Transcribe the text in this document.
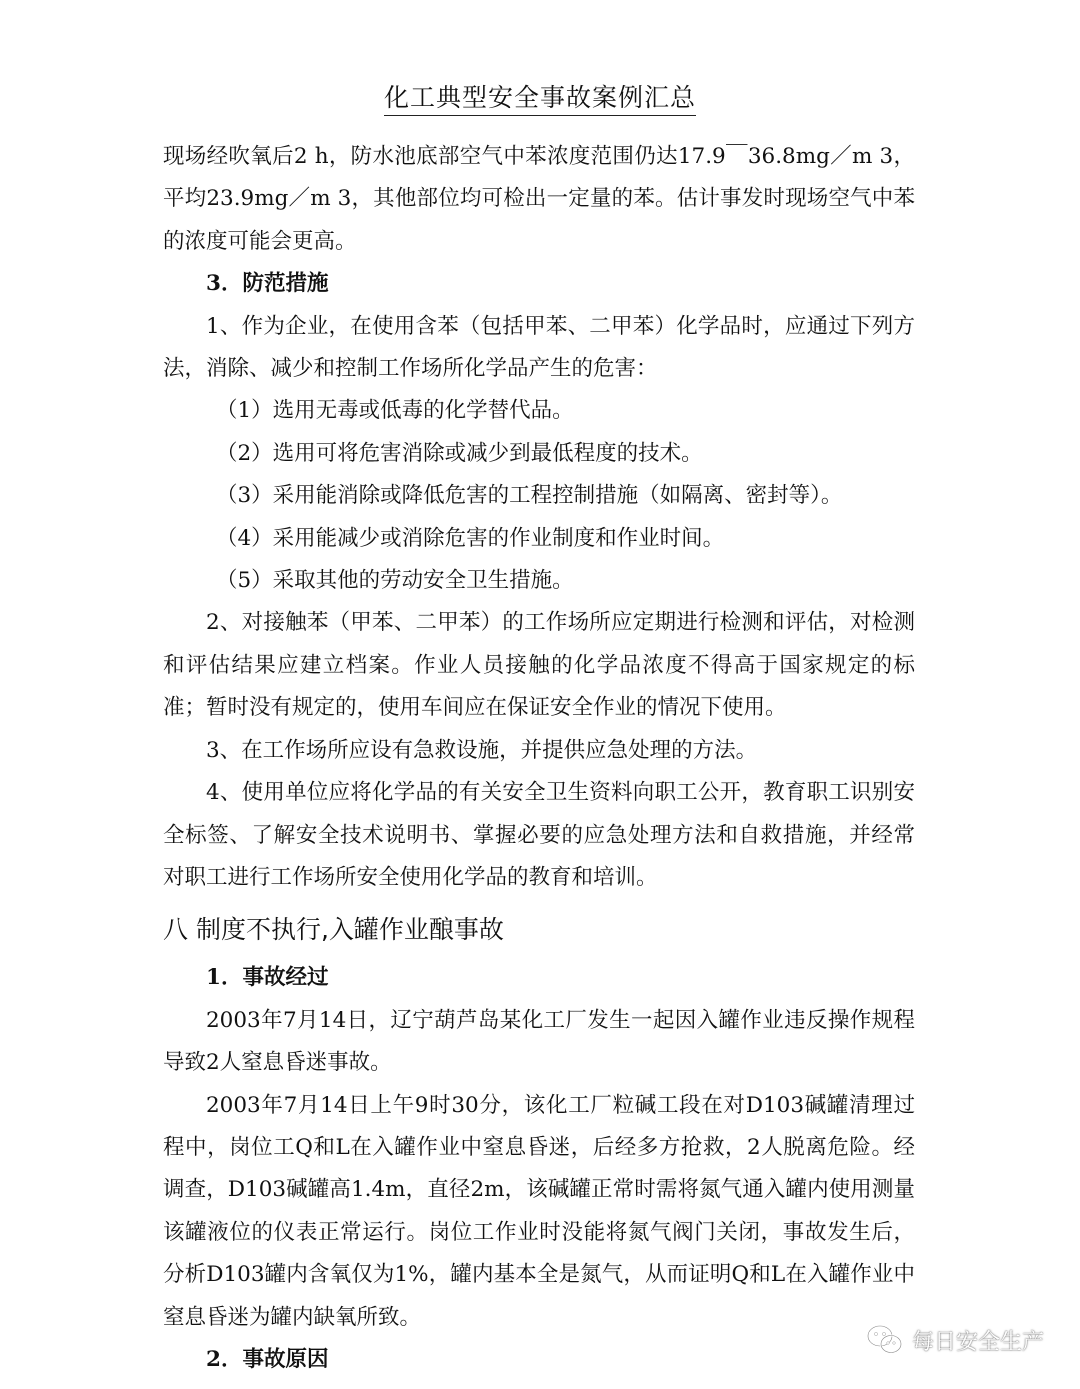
化工典型安全事故案例汇总

现场经吹氧后2 h，防水池底部空气中苯浓度范围仍达17.9￣36.8mg／m 3，平均23.9mg／m 3，其他部位均可检出一定量的苯。估计事发时现场空气中苯的浓度可能会更高。

3．防范措施

1、作为企业，在使用含苯（包括甲苯、二甲苯）化学品时，应通过下列方法，消除、减少和控制工作场所化学品产生的危害：

（1）选用无毒或低毒的化学替代品。

（2）选用可将危害消除或减少到最低程度的技术。

（3）采用能消除或降低危害的工程控制措施（如隔离、密封等）。

（4）采用能减少或消除危害的作业制度和作业时间。

（5）采取其他的劳动安全卫生措施。

2、对接触苯（甲苯、二甲苯）的工作场所应定期进行检测和评估，对检测和评估结果应建立档案。作业人员接触的化学品浓度不得高于国家规定的标准；暂时没有规定的，使用车间应在保证安全作业的情况下使用。

3、在工作场所应设有急救设施，并提供应急处理的方法。

4、使用单位应将化学品的有关安全卫生资料向职工公开，教育职工识别安全标签、了解安全技术说明书、掌握必要的应急处理方法和自救措施，并经常对职工进行工作场所安全使用化学品的教育和培训。

八 制度不执行,入罐作业酿事故

1．事故经过

2003年7月14日，辽宁葫芦岛某化工厂发生一起因入罐作业违反操作规程导致2人窒息昏迷事故。

2003年7月14日上午9时30分，该化工厂粒碱工段在对D103碱罐清理过程中，岗位工Q和L在入罐作业中窒息昏迷，后经多方抢救，2人脱离危险。经调查，D103碱罐高1.4m，直径2m，该碱罐正常时需将氮气通入罐内使用测量该罐液位的仪表正常运行。岗位工作业时没能将氮气阀门关闭，事故发生后，分析D103罐内含氧仅为1%，罐内基本全是氮气，从而证明Q和L在入罐作业中窒息昏迷为罐内缺氧所致。

2．事故原因

每日安全生产
